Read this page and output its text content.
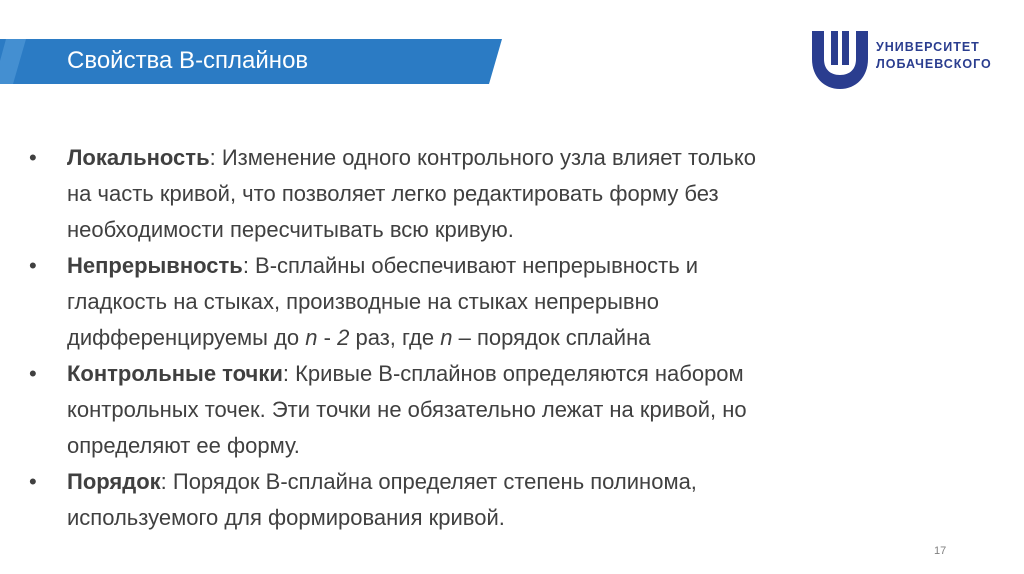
Свойства B-сплайнов	УНИВЕРСИТЕТ
ЛОБАЧЕВСКОГО
• Локальность: Изменение одного контрольного узла влияет только
на часть кривой, что позволяет легко редактировать форму без
необходимости пересчитывать всю кривую.
• Непрерывность: B-сплайны обеспечивают непрерывность и
гладкость на стыках, производные на стыках непрерывно
дифференцируемы до n - 2 раз, где n – порядок сплайна
• Контрольные точки: Кривые B-сплайнов определяются набором
контрольных точек. Эти точки не обязательно лежат на кривой, но
определяют ее форму.
• Порядок: Порядок B-сплайна определяет степень полинома,
используемого для формирования кривой.
17
